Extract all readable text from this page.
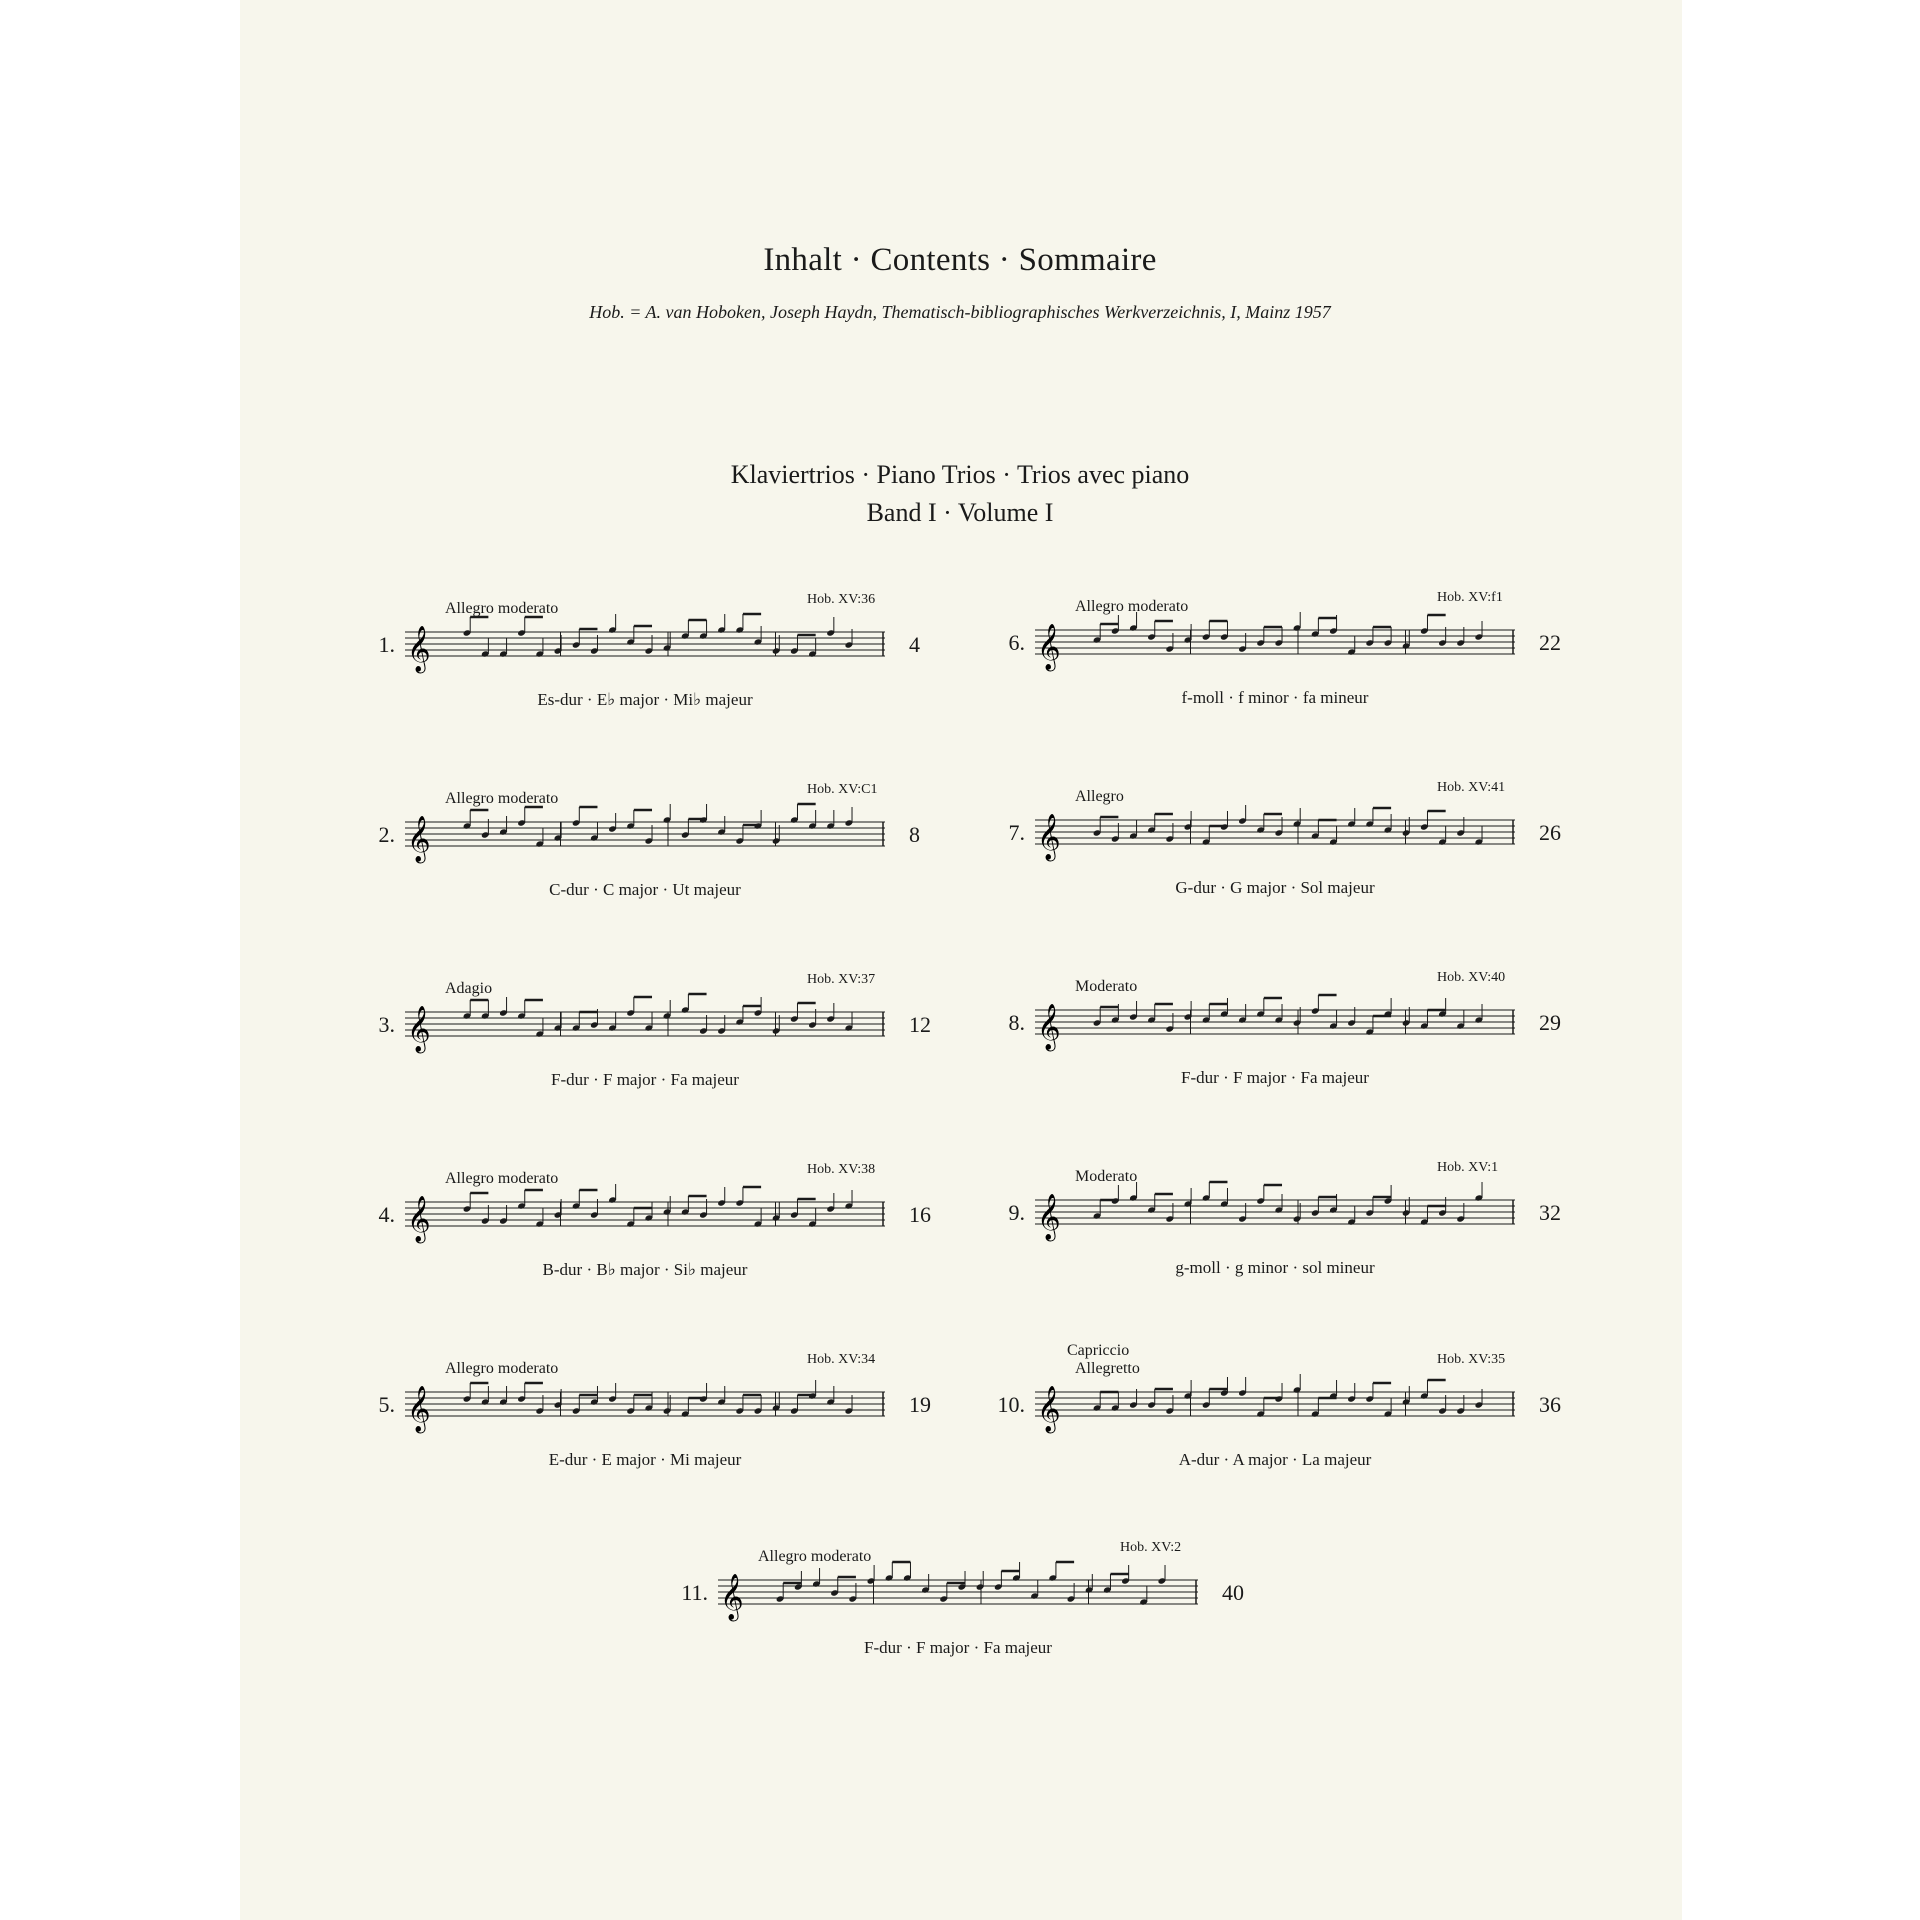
Inhalt · Contents · Sommaire
Hob. = A. van Hoboken, Joseph Haydn, Thematisch-bibliographisches Werkverzeichnis, I, Mainz 1957
Klaviertrios · Piano Trios · Trios avec piano
Band I · Volume I
1.
Allegro moderato
Hob. XV:36
𝄞	4
Es-dur · E♭ major · Mi♭ majeur
2.
Allegro moderato
Hob. XV:C1
𝄞	8
C-dur · C major · Ut majeur
3.
Adagio
Hob. XV:37
𝄞	12
F-dur · F major · Fa majeur
4.
Allegro moderato
Hob. XV:38
𝄞	16
B-dur · B♭ major · Si♭ majeur
5.
Allegro moderato
Hob. XV:34
𝄞	19
E-dur · E major · Mi majeur
6.
Allegro moderato
Hob. XV:f1
𝄞	22
f-moll · f minor · fa mineur
7.
Allegro
Hob. XV:41
𝄞	26
G-dur · G major · Sol majeur
8.
Moderato
Hob. XV:40
𝄞	29
F-dur · F major · Fa majeur
9.
Moderato
Hob. XV:1
𝄞	32
g-moll · g minor · sol mineur
10.
Capriccio
Allegretto
Hob. XV:35
𝄞	36
A-dur · A major · La majeur
11.
Allegro moderato
Hob. XV:2
𝄞	40
F-dur · F major · Fa majeur
